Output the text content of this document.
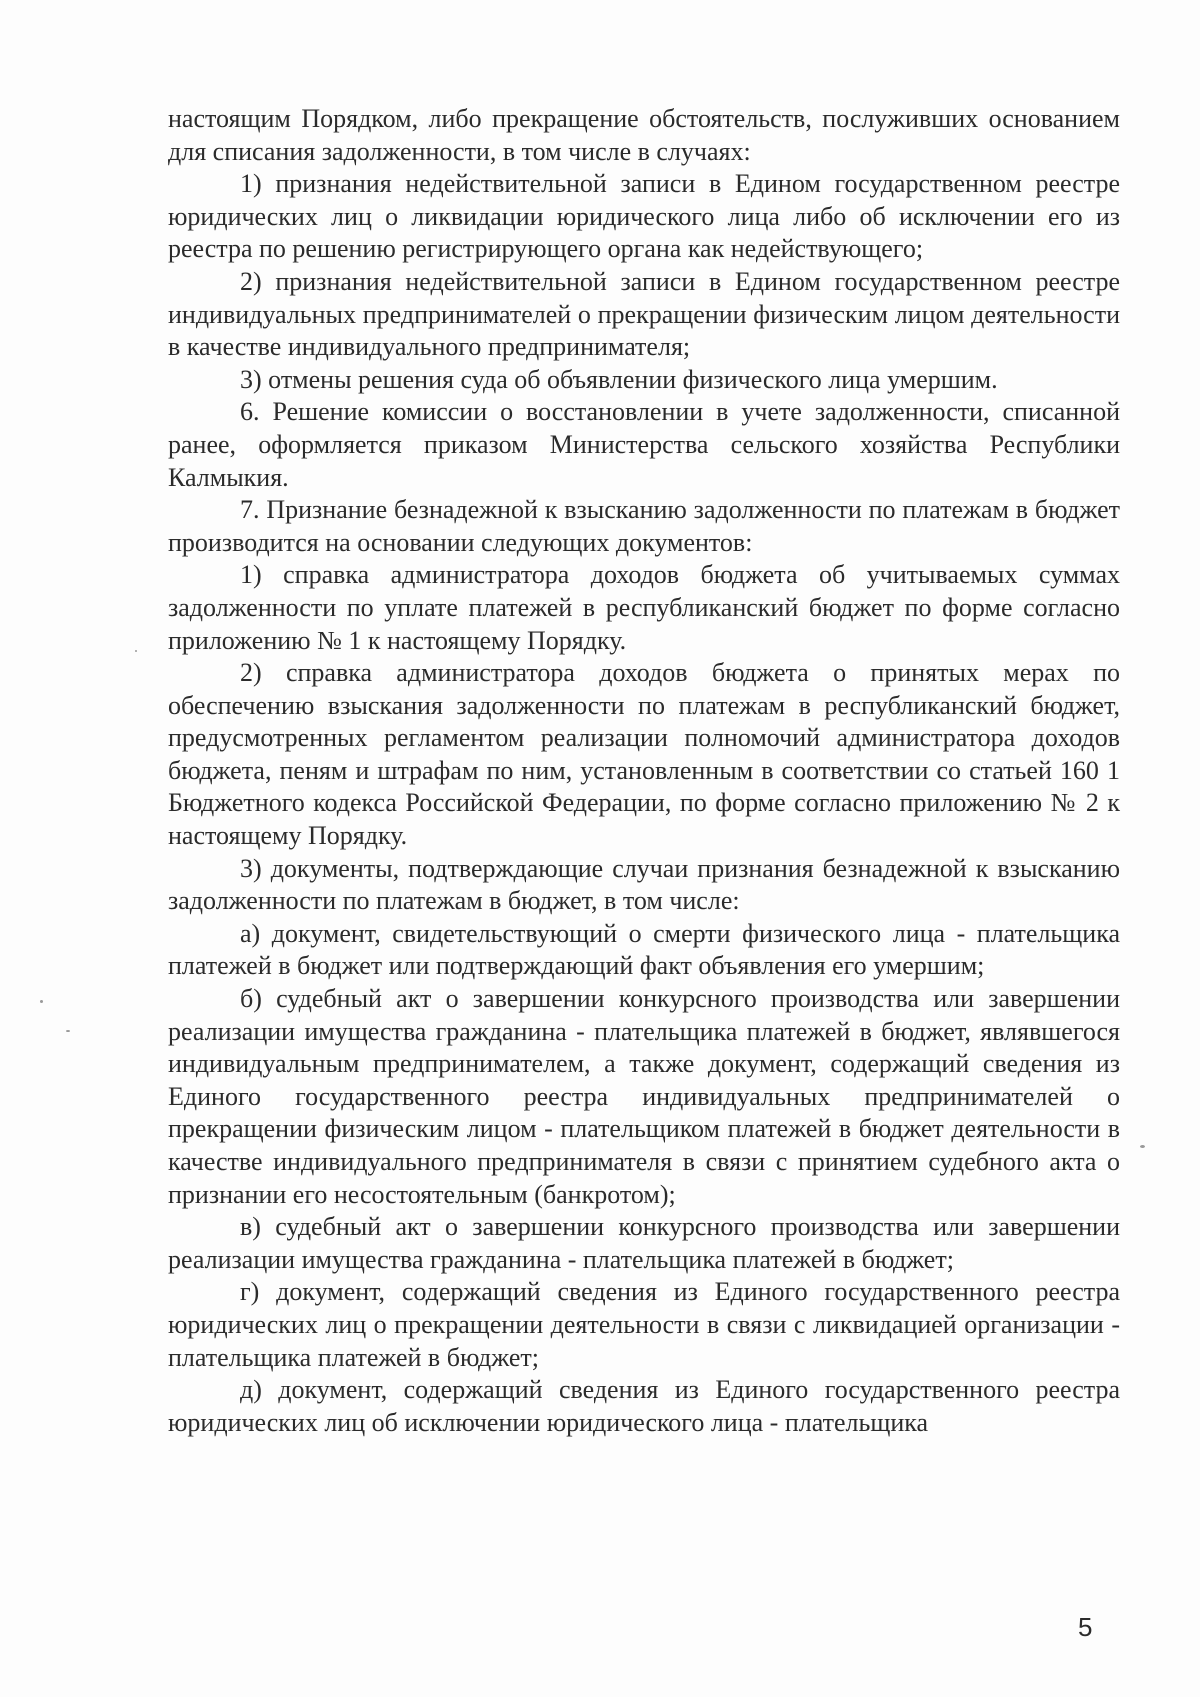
настоящим Порядком, либо прекращение обстоятельств, послуживших основанием для списания задолженности, в том числе в случаях:

1) признания недействительной записи в Едином государственном реестре юридических лиц о ликвидации юридического лица либо об исключении его из реестра по решению регистрирующего органа как недействующего;

2) признания недействительной записи в Едином государственном реестре индивидуальных предпринимателей о прекращении физическим лицом деятельности в качестве индивидуального предпринимателя;

3) отмены решения суда об объявлении физического лица умершим.

6. Решение комиссии о восстановлении в учете задолженности, списанной ранее, оформляется приказом Министерства сельского хозяйства Республики Калмыкия.

7. Признание безнадежной к взысканию задолженности по платежам в бюджет производится на основании следующих документов:

1) справка администратора доходов бюджета об учитываемых суммах задолженности по уплате платежей в республиканский бюджет по форме согласно приложению № 1 к настоящему Порядку.

2) справка администратора доходов бюджета о принятых мерах по обеспечению взыскания задолженности по платежам в республиканский бюджет, предусмотренных регламентом реализации полномочий администратора доходов бюджета, пеням и штрафам по ним, установленным в соответствии со статьей 160 1 Бюджетного кодекса Российской Федерации, по форме согласно приложению № 2 к настоящему Порядку.

3) документы, подтверждающие случаи признания безнадежной к взысканию задолженности по платежам в бюджет, в том числе:

а) документ, свидетельствующий о смерти физического лица - плательщика платежей в бюджет или подтверждающий факт объявления его умершим;

б) судебный акт о завершении конкурсного производства или завершении реализации имущества гражданина - плательщика платежей в бюджет, являвшегося индивидуальным предпринимателем, а также документ, содержащий сведения из Единого государственного реестра индивидуальных предпринимателей о прекращении физическим лицом - плательщиком платежей в бюджет деятельности в качестве индивидуального предпринимателя в связи с принятием судебного акта о признании его несостоятельным (банкротом);

в) судебный акт о завершении конкурсного производства или завершении реализации имущества гражданина - плательщика платежей в бюджет;

г) документ, содержащий сведения из Единого государственного реестра юридических лиц о прекращении деятельности в связи с ликвидацией организации - плательщика платежей в бюджет;

д) документ, содержащий сведения из Единого государственного реестра юридических лиц об исключении юридического лица - плательщика

5
